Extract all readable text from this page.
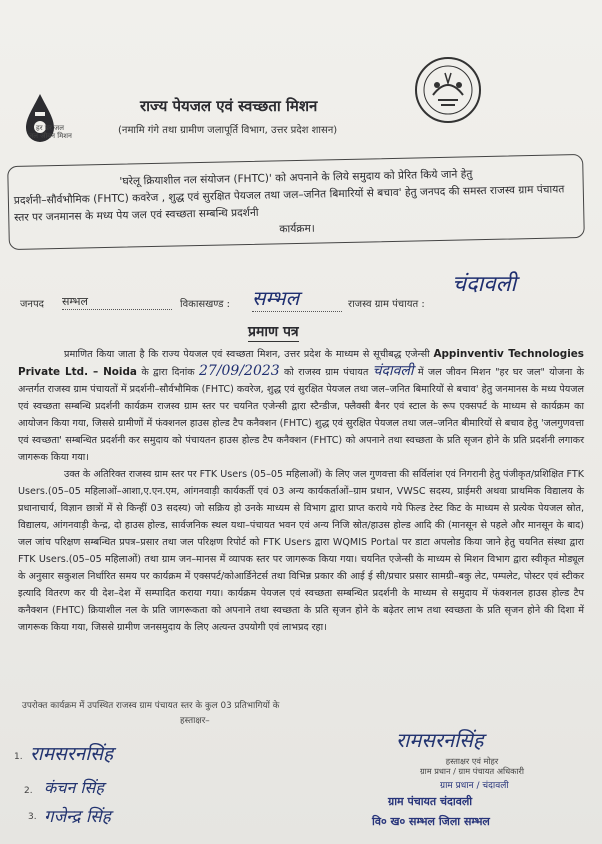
हर घर जल
जल जीवन मिशन
राज्य पेयजल एवं स्वच्छता मिशन
(नमामि गंगे तथा ग्रामीण जलापूर्ति विभाग, उत्तर प्रदेश शासन)
'घरेलू क्रियाशील नल संयोजन (FHTC)' को अपनाने के लिये समुदाय को प्रेरित किये जाने हेतु
प्रदर्शनी–सौर्वभौमिक (FHTC) कवरेज , शुद्ध एवं सुरक्षित पेयजल तथा जल–जनित बिमारियों से बचाव' हेतु जनपद की समस्त राजस्व ग्राम पंचायत स्तर पर जनमानस के मध्य पेय जल एवं स्वच्छता सम्बन्धि प्रदर्शनी
कार्यक्रम।
जनपद सम्भल	विकासखण्ड : सम्भल	राजस्व ग्राम पंचायत :
चंदावली
प्रमाण पत्र

प्रमाणित किया जाता है कि राज्य पेयजल एवं स्वच्छता मिशन, उत्तर प्रदेश के माध्यम से सूचीबद्ध एजेन्सी Appinventiv Technologies Private Ltd. – Noida के द्वारा दिनांक 27/09/2023 को राजस्व ग्राम पंचायत चंदावली में जल जीवन मिशन "हर घर जल" योजना के अन्तर्गत राजस्व ग्राम पंचायतों में प्रदर्शनी–सौर्वभौमिक (FHTC) कवरेज, शुद्ध एवं सुरक्षित पेयजल तथा जल–जनित बिमारियों से बचाव' हेतु जनमानस के मध्य पेयजल एवं स्वच्छता सम्बन्धि प्रदर्शनी कार्यक्रम राजस्व ग्राम स्तर पर चयनित एजेन्सी द्वारा स्टैन्डीज, फ्लैक्सी बैनर एवं स्टाल के रूप एक्सपर्ट के माध्यम से कार्यक्रम का आयोजन किया गया, जिससे ग्रामीणों में फंक्शनल हाउस होल्ड टैप कनैक्शन (FHTC) शुद्ध एवं सुरक्षित पेयजल तथा जल–जनित बीमारियों से बचाव हेतु 'जलगुणवत्ता एवं स्वच्छता' सम्बन्धित प्रदर्शनी कर समुदाय को पंचायतन हाउस होल्ड टैप कनैक्शन (FHTC) को अपनाने तथा स्वच्छता के प्रति सृजन होने के प्रति प्रदर्शनी लगाकर जागरूक किया गया।

उक्त के अतिरिक्त राजस्व ग्राम स्तर पर FTK Users (05–05 महिलाओं) के लिए जल गुणवत्ता की सर्विलांश एवं निगरानी हेतु पंजीकृत/प्रशिक्षित FTK Users.(05–05 महिलाओं–आशा,ए.एन.एम, आंगनवाड़ी कार्यकर्ती एवं 03 अन्य कार्यकर्ताओं–ग्राम प्रधान, VWSC सदस्य, प्राईमरी अथवा प्राथमिक विद्यालय के प्रधानाचार्य, विज्ञान छात्रों में से किन्हीं 03 सदस्य) जो सक्रिय हो उनके माध्यम से विभाग द्वारा प्राप्त कराये गये फिल्ड टेस्ट किट के माध्यम से प्रत्येक पेयजल स्रोत, विद्यालय, आंगनवाड़ी केन्द्र, दो हाउस होल्ड, सार्वजनिक स्थल यथा–पंचायत भवन एवं अन्य निजि स्रोत/हाउस होल्ड आदि की (मानसून से पहले और मानसून के बाद) जल जांच परिक्षण सम्बन्धित प्रपत्र–प्रसार तथा जल परिक्षण रिपोर्ट को FTK Users द्वारा WQMIS Portal पर डाटा अपलोड किया जाने हेतु चयनित संस्था द्वारा FTK Users.(05–05 महिलाओं) तथा ग्राम जन–मानस में व्यापक स्तर पर जागरूक किया गया। चयनित एजेन्सी के माध्यम से मिशन विभाग द्वारा स्वीकृत मोड्यूल के अनुसार सकुशल निर्धारित समय पर कार्यक्रम में एक्सपर्ट/कोआर्डिनेटर्स तथा विभिन्न प्रकार की आई ई सी/प्रचार प्रसार सामग्री–बकु लेट, पम्पलेट, पोस्टर एवं स्टीकर इत्यादि वितरण कर यी देश–देश में सम्पादित कराया गया। कार्यक्रम पेयजल एवं स्वच्छता सम्बन्धित प्रदर्शनी के माध्यम से समुदाय में फंक्शनल हाउस होल्ड टैप कनैक्शन (FHTC) क्रियाशील नल के प्रति जागरूकता को अपनाने तथा स्वच्छता के प्रति सृजन होने के बढ़ेतर लाभ तथा स्वच्छता के प्रति सृजन होने की दिशा में जागरूक किया गया, जिससे ग्रामीण जनसमुदाय के लिए अत्यन्त उपयोगी एवं लाभप्रद रहा।

उपरोक्त कार्यक्रम में उपस्थित राजस्व ग्राम पंचायत स्तर के कुल 03 प्रतिभागियों के
हस्ताक्षर–
1. रामसरनसिंह
2. कंचन सिंह
3. गजेन्द्र सिंह
रामसरनसिंह
हस्ताक्षर एवं मोहर
ग्राम प्रधान / ग्राम पंचायत अधिकारी
ग्राम प्रधान / चंदावली
ग्राम पंचायत चंदावली
वि० ख० सम्भल जिला सम्भल
